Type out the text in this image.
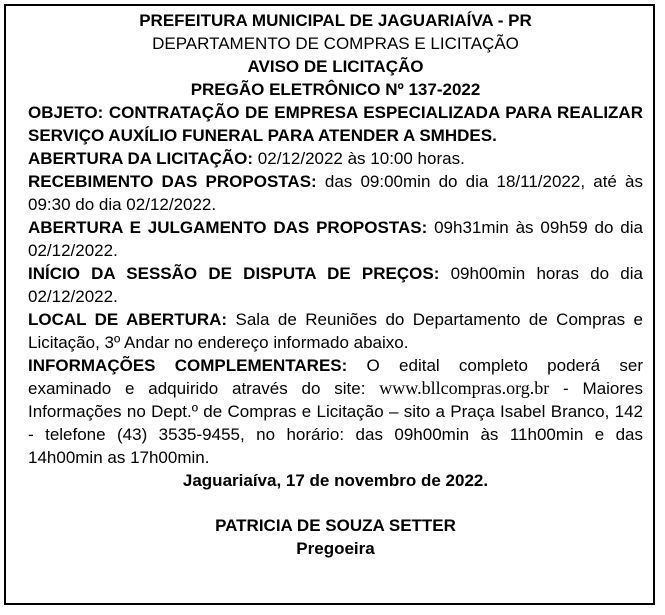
PREFEITURA MUNICIPAL DE JAGUARIAÍVA - PR
DEPARTAMENTO DE COMPRAS E LICITAÇÃO
AVISO DE LICITAÇÃO
PREGÃO ELETRÔNICO Nº 137-2022

OBJETO: CONTRATAÇÃO DE EMPRESA ESPECIALIZADA PARA REALIZAR SERVIÇO AUXÍLIO FUNERAL PARA ATENDER A SMHDES.

ABERTURA DA LICITAÇÃO: 02/12/2022 às 10:00 horas.

RECEBIMENTO DAS PROPOSTAS: das 09:00min do dia 18/11/2022, até às 09:30 do dia 02/12/2022.

ABERTURA E JULGAMENTO DAS PROPOSTAS: 09h31min às 09h59 do dia 02/12/2022.

INÍCIO DA SESSÃO DE DISPUTA DE PREÇOS: 09h00min horas do dia 02/12/2022.

LOCAL DE ABERTURA: Sala de Reuniões do Departamento de Compras e Licitação, 3º Andar no endereço informado abaixo.

INFORMAÇÕES COMPLEMENTARES: O edital completo poderá ser examinado e adquirido através do site: www.bllcompras.org.br - Maiores Informações no Dept.º de Compras e Licitação – sito a Praça Isabel Branco, 142 - telefone (43) 3535-9455, no horário: das 09h00min às 11h00min e das 14h00min as 17h00min.

Jaguariaíva, 17 de novembro de 2022.
PATRICIA DE SOUZA SETTER
Pregoeira
